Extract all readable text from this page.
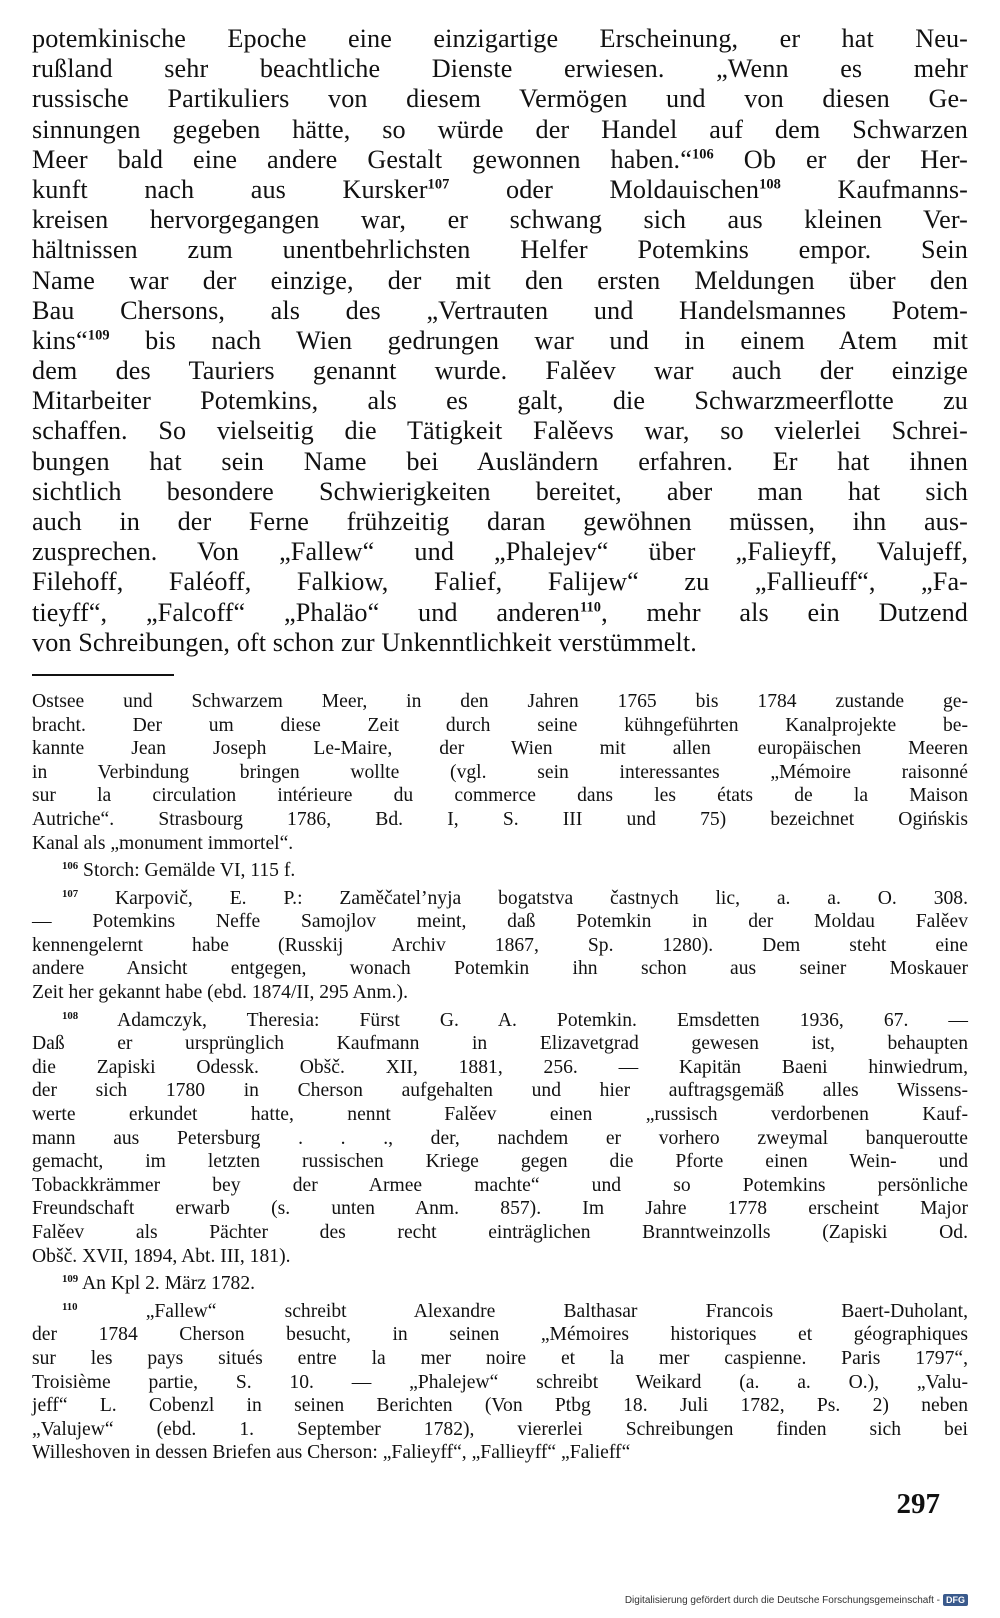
potemkinische Epoche eine einzigartige Erscheinung, er hat Neu-
rußland sehr beachtliche Dienste erwiesen. „Wenn es mehr
russische Partikuliers von diesem Vermögen und von diesen Ge-
sinnungen gegeben hätte, so würde der Handel auf dem Schwarzen
Meer bald eine andere Gestalt gewonnen haben.“$^{106}$ Ob er der Her-
kunft nach aus Kursker$^{107}$ oder Moldauischen$^{108}$ Kaufmanns-
kreisen hervorgegangen war, er schwang sich aus kleinen Ver-
hältnissen zum unentbehrlichsten Helfer Potemkins empor. Sein
Name war der einzige, der mit den ersten Meldungen über den
Bau Chersons, als des „Vertrauten und Handelsmannes Potem-
kins“$^{109}$ bis nach Wien gedrungen war und in einem Atem mit
dem des Tauriers genannt wurde. Falěev war auch der einzige
Mitarbeiter Potemkins, als es galt, die Schwarzmeerflotte zu
schaffen. So vielseitig die Tätigkeit Falěevs war, so vielerlei Schrei-
bungen hat sein Name bei Ausländern erfahren. Er hat ihnen
sichtlich besondere Schwierigkeiten bereitet, aber man hat sich
auch in der Ferne frühzeitig daran gewöhnen müssen, ihn aus-
zusprechen. Von „Fallew“ und „Phalejev“ über „Falieyff, Valujeff,
Filehoff, Faléoff, Falkiow, Falief, Falijew“ zu „Fallieuff“, „Fa-
tieyff“, „Falcoff“ „Phaläo“ und anderen$^{110}$, mehr als ein Dutzend
von Schreibungen, oft schon zur Unkenntlichkeit verstümmelt.
Ostsee und Schwarzem Meer, in den Jahren 1765 bis 1784 zustande ge-
bracht. Der um diese Zeit durch seine kühngeführten Kanalprojekte be-
kannte Jean Joseph Le-Maire, der Wien mit allen europäischen Meeren
in Verbindung bringen wollte (vgl. sein interessantes „Mémoire raisonné
sur la circulation intérieure du commerce dans les états de la Maison
Autriche“. Strasbourg 1786, Bd. I, S. III und 75) bezeichnet Ogińskis
Kanal als „monument immortel“.
$^{106}$ Storch: Gemälde VI, 115 f.
$^{107}$ Karpovič, E. P.: Zaměčatel’nyja bogatstva častnych lic, a. a. O. 308.
— Potemkins Neffe Samojlov meint, daß Potemkin in der Moldau Falěev
kennengelernt habe (Russkij Archiv 1867, Sp. 1280). Dem steht eine
andere Ansicht entgegen, wonach Potemkin ihn schon aus seiner Moskauer
Zeit her gekannt habe (ebd. 1874/II, 295 Anm.).
$^{108}$ Adamczyk, Theresia: Fürst G. A. Potemkin. Emsdetten 1936, 67. —
Daß er ursprünglich Kaufmann in Elizavetgrad gewesen ist, behaupten
die Zapiski Odessk. Obšč. XII, 1881, 256. — Kapitän Baeni hinwiedrum,
der sich 1780 in Cherson aufgehalten und hier auftragsgemäß alles Wissens-
werte erkundet hatte, nennt Falěev einen „russisch verdorbenen Kauf-
mann aus Petersburg . . ., der, nachdem er vorhero zweymal banqueroutte
gemacht, im letzten russischen Kriege gegen die Pforte einen Wein- und
Tobackkrämmer bey der Armee machte“ und so Potemkins persönliche
Freundschaft erwarb (s. unten Anm. 857). Im Jahre 1778 erscheint Major
Falěev als Pächter des recht einträglichen Branntweinzolls (Zapiski Od.
Obšč. XVII, 1894, Abt. III, 181).
$^{109}$ An Kpl 2. März 1782.
$^{110}$ „Fallew“ schreibt Alexandre Balthasar Francois Baert-Duholant,
der 1784 Cherson besucht, in seinen „Mémoires historiques et géographiques
sur les pays situés entre la mer noire et la mer caspienne. Paris 1797“,
Troisième partie, S. 10. — „Phalejew“ schreibt Weikard (a. a. O.), „Valu-
jeff“ L. Cobenzl in seinen Berichten (Von Ptbg 18. Juli 1782, Ps. 2) neben
„Valujew“ (ebd. 1. September 1782), viererlei Schreibungen finden sich bei
Willeshoven in dessen Briefen aus Cherson: „Falieyff“, „Fallieyff“ „Falieff“
297
Digitalisierung gefördert durch die Deutsche Forschungsgemeinschaft - DFG
